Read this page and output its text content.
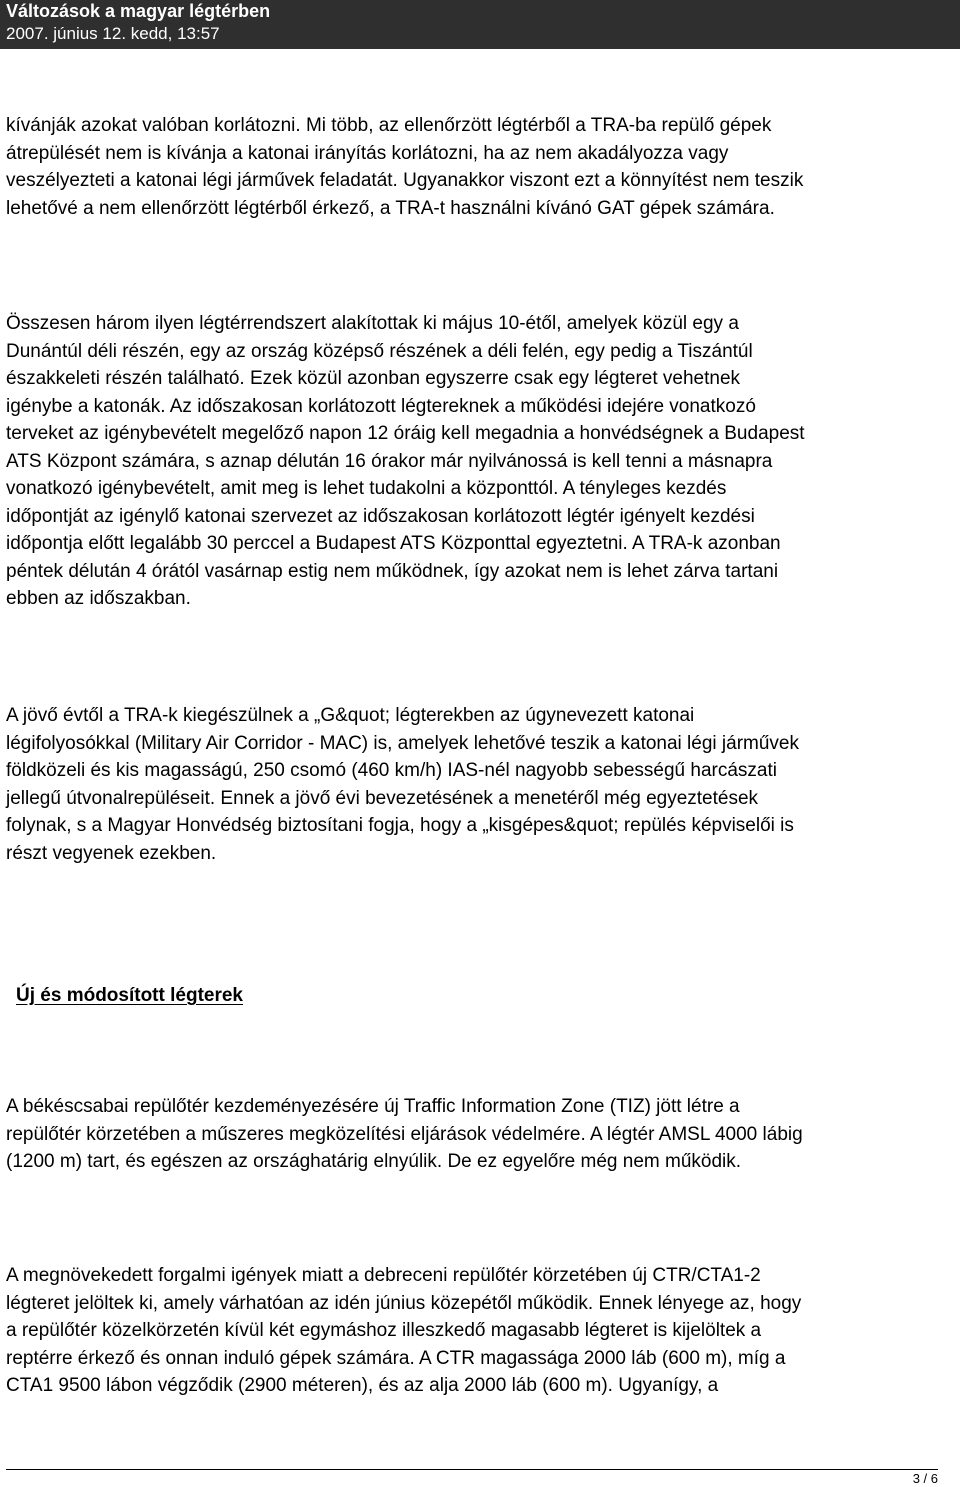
Változások a magyar légtérben
2007. június 12. kedd, 13:57

kívánják azokat valóban korlátozni. Mi több, az ellenőrzött légtérből a TRA-ba repülő gépek
átrepülését nem is kívánja a katonai irányítás korlátozni, ha az nem akadályozza vagy
veszélyezteti a katonai légi járművek feladatát. Ugyanakkor viszont ezt a könnyítést nem teszik
lehetővé a nem ellenőrzött légtérből érkező, a TRA-t használni kívánó GAT gépek számára.

Összesen három ilyen légtérrendszert alakítottak ki május 10-étől, amelyek közül egy a
Dunántúl déli részén, egy az ország középső részének a déli felén, egy pedig a Tiszántúl
északkeleti részén található. Ezek közül azonban egyszerre csak egy légteret vehetnek
igénybe a katonák. Az időszakosan korlátozott légtereknek a működési idejére vonatkozó
terveket az igénybevételt megelőző napon 12 óráig kell megadnia a honvédségnek a Budapest
ATS Központ számára, s aznap délután 16 órakor már nyilvánossá is kell tenni a másnapra
vonatkozó igénybevételt, amit meg is lehet tudakolni a központtól. A tényleges kezdés
időpontját az igénylő katonai szervezet az időszakosan korlátozott légtér igényelt kezdési
időpontja előtt legalább 30 perccel a Budapest ATS Központtal egyeztetni. A TRA-k azonban
péntek délután 4 órától vasárnap estig nem működnek, így azokat nem is lehet zárva tartani
ebben az időszakban.

A jövő évtől a TRA-k kiegészülnek a „G&quot; légterekben az úgynevezett katonai
légifolyosókkal (Military Air Corridor - MAC) is, amelyek lehetővé teszik a katonai légi járművek
földközeli és kis magasságú, 250 csomó (460 km/h) IAS-nél nagyobb sebességű harcászati
jellegű útvonalrepüléseit. Ennek a jövő évi bevezetésének a menetéről még egyeztetések
folynak, s a Magyar Honvédség biztosítani fogja, hogy a „kisgépes&quot; repülés képviselői is
részt vegyenek ezekben.

Új és módosított légterek

A békéscsabai repülőtér kezdeményezésére új Traffic Information Zone (TIZ) jött létre a
repülőtér körzetében a műszeres megközelítési eljárások védelmére. A légtér AMSL 4000 lábig
(1200 m) tart, és egészen az országhatárig elnyúlik. De ez egyelőre még nem működik.

A megnövekedett forgalmi igények miatt a debreceni repülőtér körzetében új CTR/CTA1-2
légteret jelöltek ki, amely várhatóan az idén június közepétől működik. Ennek lényege az, hogy
a repülőtér közelkörzetén kívül két egymáshoz illeszkedő magasabb légteret is kijelöltek a
reptérre érkező és onnan induló gépek számára. A CTR magassága 2000 láb (600 m), míg a
CTA1 9500 lábon végződik (2900 méteren), és az alja 2000 láb (600 m). Ugyanígy, a

3 / 6
